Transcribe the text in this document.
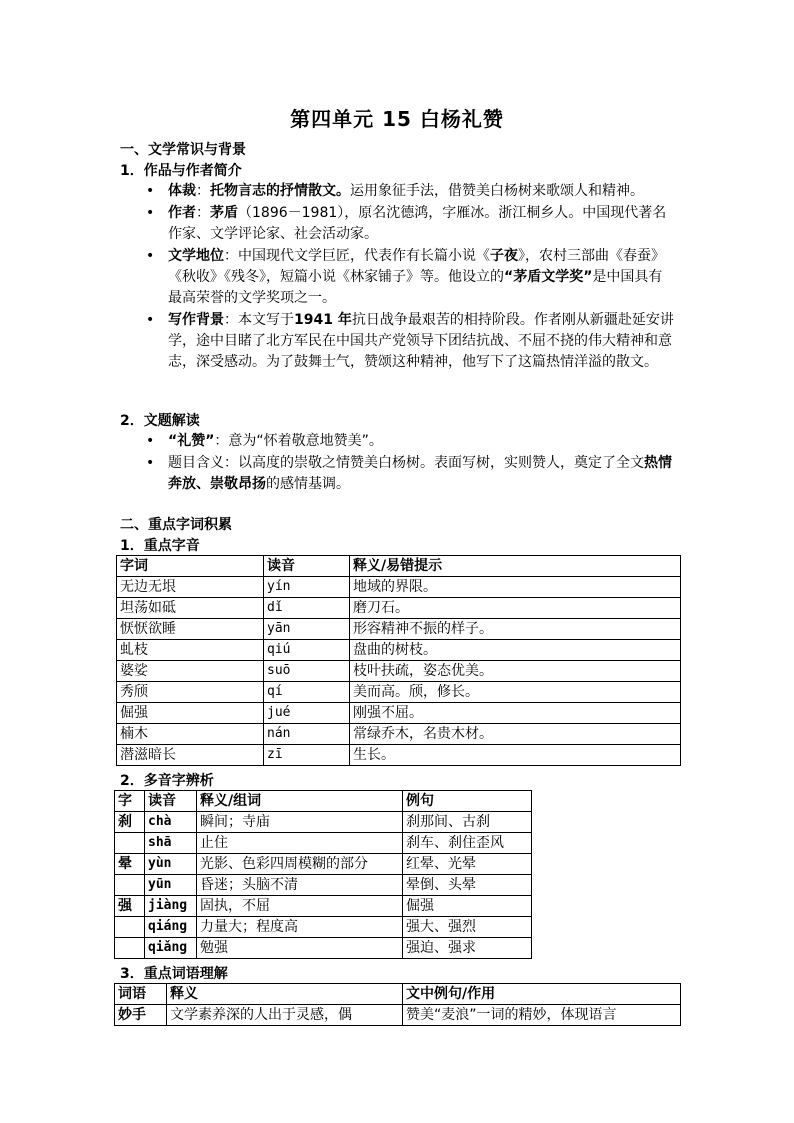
第四单元 15 白杨礼赞
一、文学常识与背景
1．作品与作者简介
• 体裁：托物言志的抒情散文。运用象征手法，借赞美白杨树来歌颂人和精神。
• 作者：茅盾（1896－1981），原名沈德鸿，字雁冰。浙江桐乡人。中国现代著名作家、文学评论家、社会活动家。
• 文学地位：中国现代文学巨匠，代表作有长篇小说《子夜》，农村三部曲《春蚕》《秋收》《残冬》，短篇小说《林家铺子》等。他设立的“茅盾文学奖”是中国具有最高荣誉的文学奖项之一。
• 写作背景：本文写于1941 年抗日战争最艰苦的相持阶段。作者刚从新疆赴延安讲学，途中目睹了北方军民在中国共产党领导下团结抗战、不屈不挠的伟大精神和意志，深受感动。为了鼓舞士气，赞颂这种精神，他写下了这篇热情洋溢的散文。
2．文题解读
• “礼赞”：意为“怀着敬意地赞美”。
• 题目含义：以高度的崇敬之情赞美白杨树。表面写树，实则赞人，奠定了全文热情奔放、崇敬昂扬的感情基调。
二、重点字词积累
1．重点字音
字词	读音	释义/易错提示
无边无垠	yín	地域的界限。
坦荡如砥	dǐ	磨刀石。
恹恹欲睡	yān	形容精神不振的样子。
虬枝	qiú	盘曲的树枝。
婆娑	suō	枝叶扶疏，姿态优美。
秀颀	qí	美而高。颀，修长。
倔强	jué	刚强不屈。
楠木	nán	常绿乔木，名贵木材。
潜滋暗长	zī	生长。
2．多音字辨析
字	读音	释义/组词	例句
刹	chà	瞬间；寺庙	刹那间、古刹
	shā	止住	刹车、刹住歪风
晕	yùn	光影、色彩四周模糊的部分	红晕、光晕
	yūn	昏迷；头脑不清	晕倒、头晕
强	jiàng	固执，不屈	倔强
	qiáng	力量大；程度高	强大、强烈
	qiǎng	勉强	强迫、强求
3．重点词语理解
词语	释义	文中例句/作用
妙手	文学素养深的人出于灵感，偶	赞美“麦浪”一词的精妙，体现语言
